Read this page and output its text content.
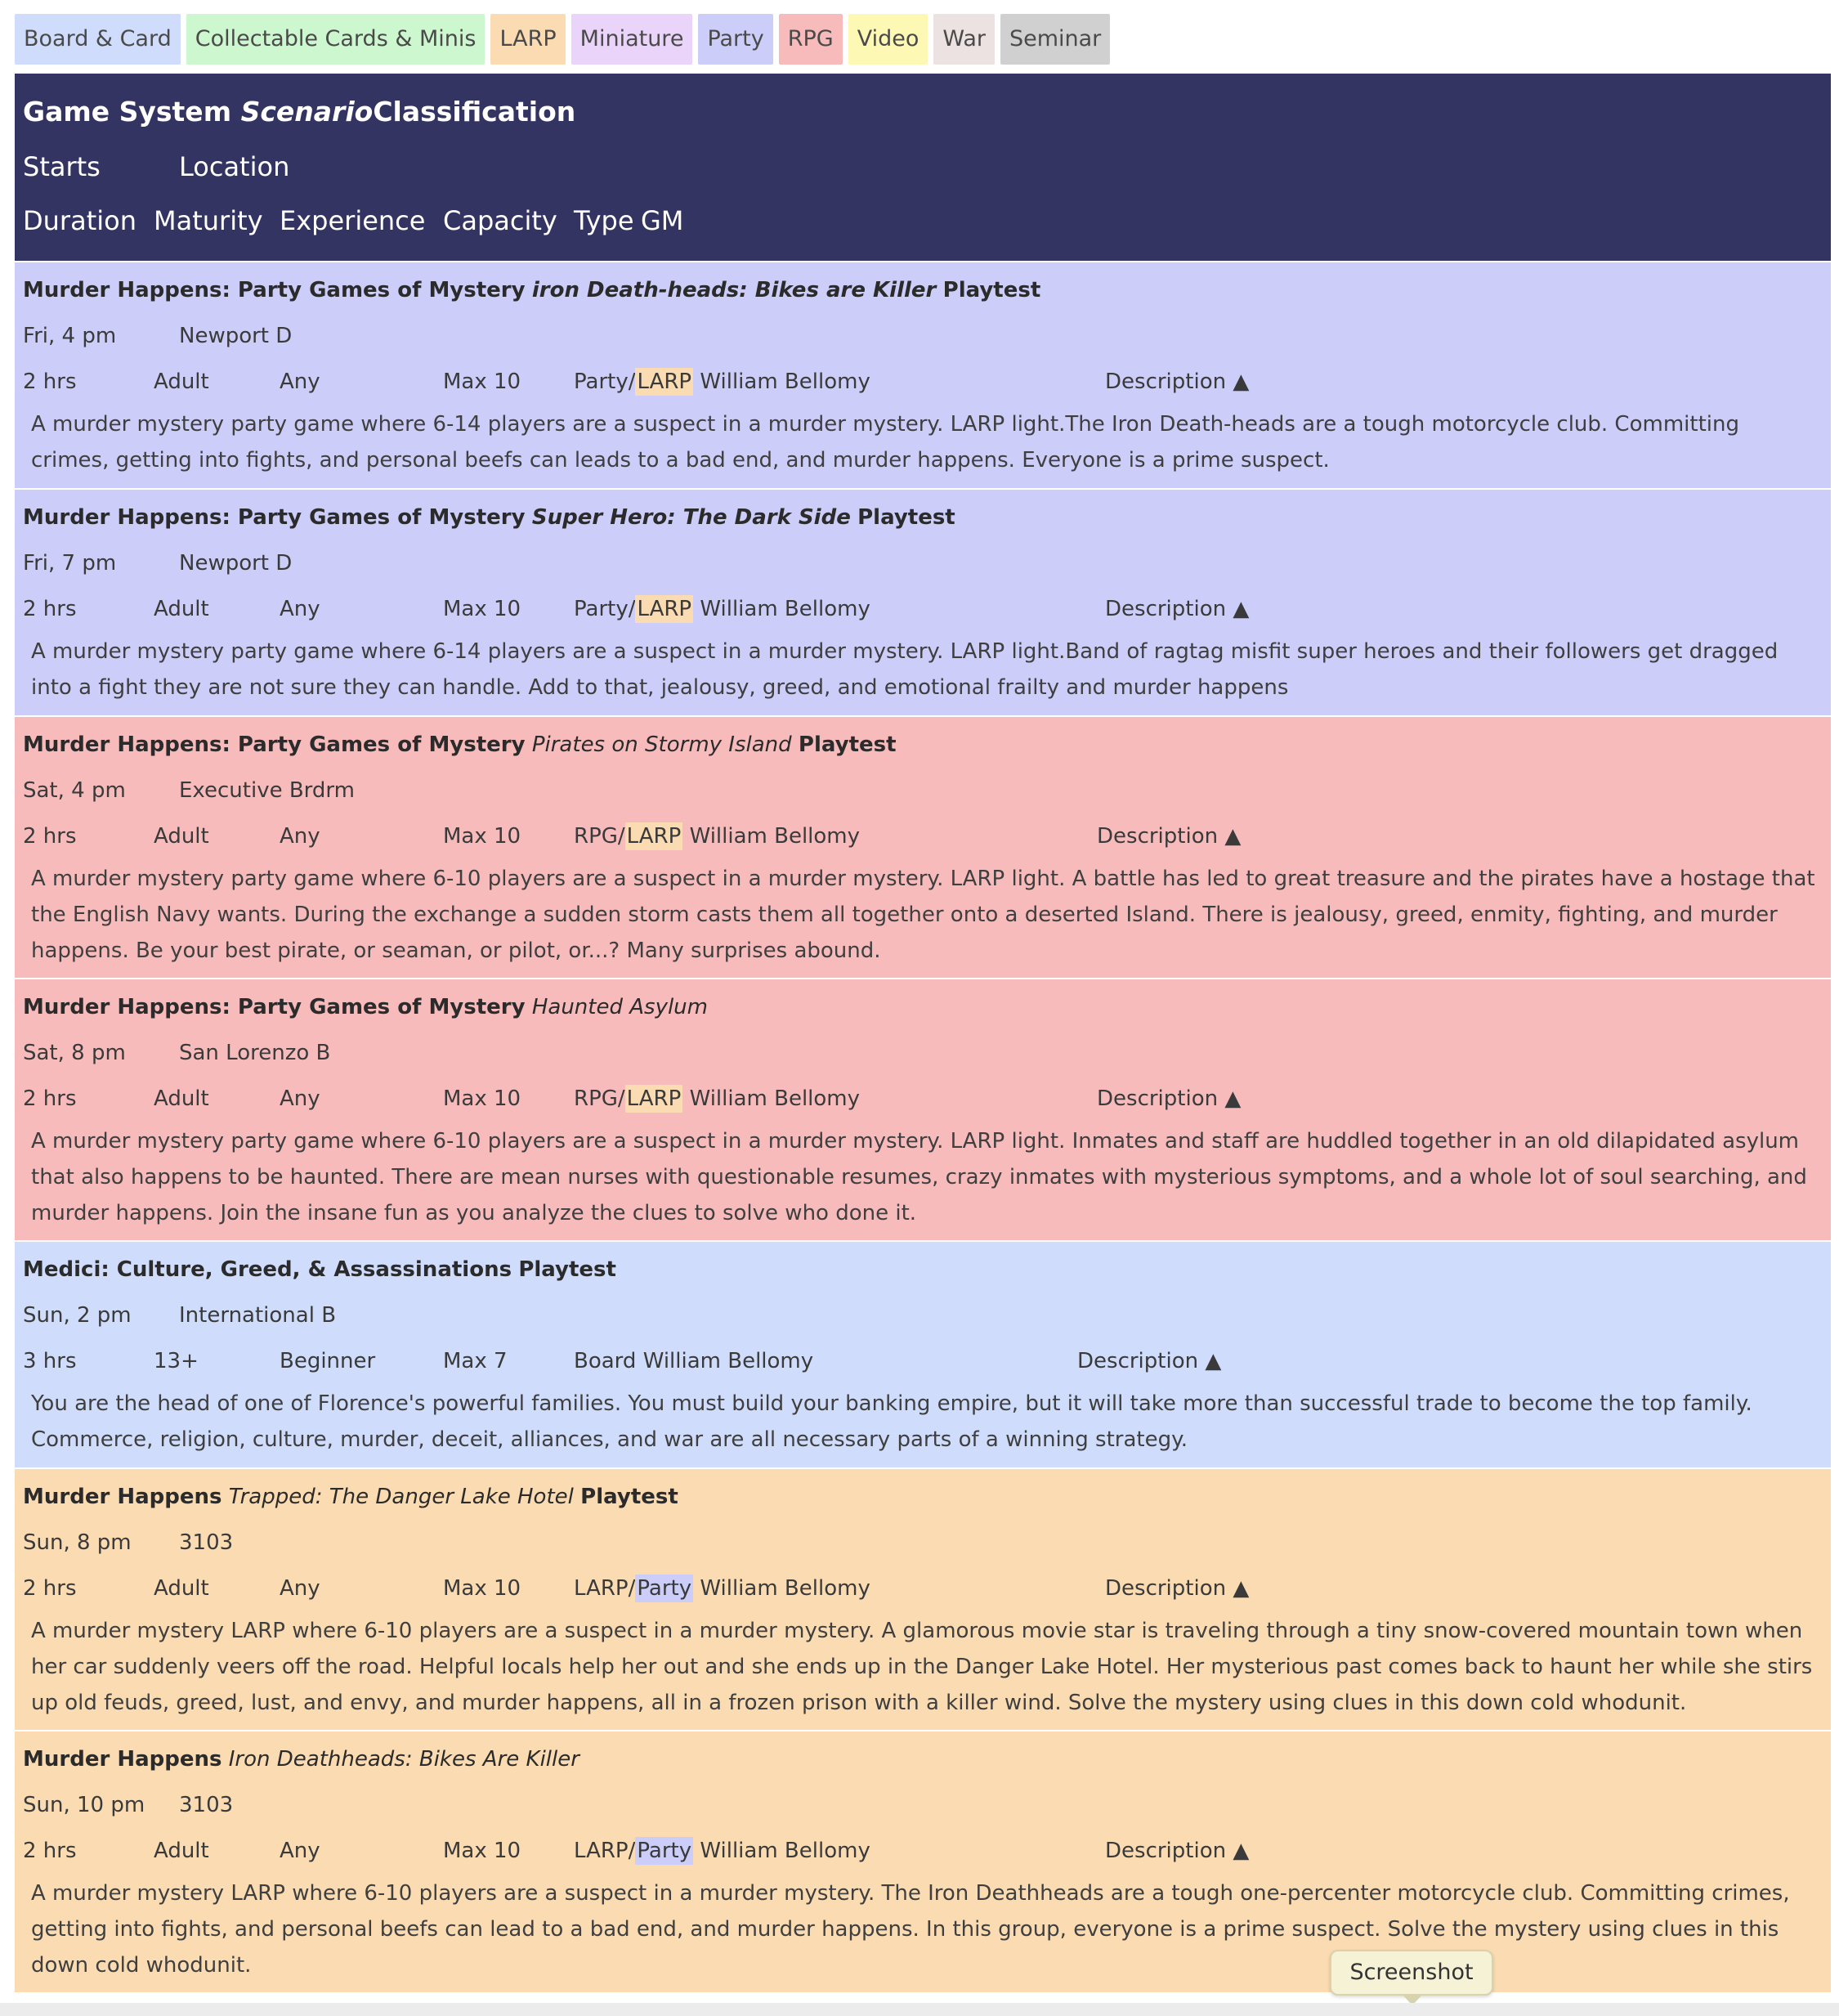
Board & Card	Collectable Cards & Minis	LARP	Miniature	Party	RPG	Video	War	Seminar
Game System ScenarioClassification
Starts	Location
Duration Maturity Experience Capacity Type GM
Murder Happens: Party Games of Mystery iron Death-heads: Bikes are Killer Playtest
Fri, 4 pm	Newport D
2 hrs	Adult	Any	Max 10 Party/LARP William Bellomy	Description ▲
A murder mystery party game where 6-14 players are a suspect in a murder mystery. LARP light.The Iron Death-heads are a tough motorcycle club. Committing crimes, getting into fights, and personal beefs can leads to a bad end, and murder happens. Everyone is a prime suspect.
Murder Happens: Party Games of Mystery Super Hero: The Dark Side Playtest
Fri, 7 pm	Newport D
2 hrs	Adult	Any	Max 10 Party/LARP William Bellomy	Description ▲
A murder mystery party game where 6-14 players are a suspect in a murder mystery. LARP light.Band of ragtag misfit super heroes and their followers get dragged into a fight they are not sure they can handle. Add to that, jealousy, greed, and emotional frailty and murder happens
Murder Happens: Party Games of Mystery Pirates on Stormy Island Playtest
Sat, 4 pm	Executive Brdrm
2 hrs	Adult	Any	Max 10 RPG/LARP William Bellomy	Description ▲
A murder mystery party game where 6-10 players are a suspect in a murder mystery. LARP light. A battle has led to great treasure and the pirates have a hostage that the English Navy wants. During the exchange a sudden storm casts them all together onto a deserted Island. There is jealousy, greed, enmity, fighting, and murder happens. Be your best pirate, or seaman, or pilot, or...? Many surprises abound.
Murder Happens: Party Games of Mystery Haunted Asylum
Sat, 8 pm	San Lorenzo B
2 hrs	Adult	Any	Max 10 RPG/LARP William Bellomy	Description ▲
A murder mystery party game where 6-10 players are a suspect in a murder mystery. LARP light. Inmates and staff are huddled together in an old dilapidated asylum that also happens to be haunted. There are mean nurses with questionable resumes, crazy inmates with mysterious symptoms, and a whole lot of soul searching, and murder happens. Join the insane fun as you analyze the clues to solve who done it.
Medici: Culture, Greed, & Assassinations Playtest
Sun, 2 pm International B
3 hrs	13+	Beginner	Max 7	Board William Bellomy	Description ▲
You are the head of one of Florence's powerful families. You must build your banking empire, but it will take more than successful trade to become the top family. Commerce, religion, culture, murder, deceit, alliances, and war are all necessary parts of a winning strategy.
Murder Happens Trapped: The Danger Lake Hotel Playtest
Sun, 8 pm 3103
2 hrs	Adult	Any	Max 10 LARP/Party William Bellomy	Description ▲
A murder mystery LARP where 6-10 players are a suspect in a murder mystery. A glamorous movie star is traveling through a tiny snow-covered mountain town when her car suddenly veers off the road. Helpful locals help her out and she ends up in the Danger Lake Hotel. Her mysterious past comes back to haunt her while she stirs up old feuds, greed, lust, and envy, and murder happens, all in a frozen prison with a killer wind. Solve the mystery using clues in this down cold whodunit.
Murder Happens Iron Deathheads: Bikes Are Killer
Sun, 10 pm 3103
2 hrs	Adult	Any	Max 10 LARP/Party William Bellomy	Description ▲
A murder mystery LARP where 6-10 players are a suspect in a murder mystery. The Iron Deathheads are a tough one-percenter motorcycle club. Committing crimes, getting into fights, and personal beefs can lead to a bad end, and murder happens. In this group, everyone is a prime suspect. Solve the mystery using clues in this down cold whodunit.	Screenshot
